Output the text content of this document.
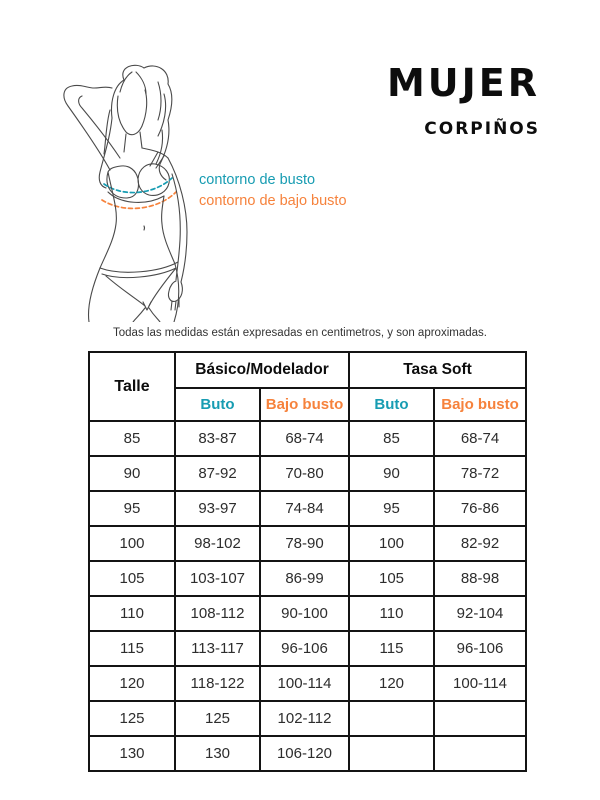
MUJER
CORPIÑOS
contorno de busto
contorno de bajo busto
Todas las medidas están expresadas en centimetros, y son aproximadas.
Talle	Básico/Modelador		Tasa Soft	
	Buto	Bajo busto	Buto	Bajo busto
85	83-87	68-74	85	68-74
90	87-92	70-80	90	78-72
95	93-97	74-84	95	76-86
100	98-102	78-90	100	82-92
105	103-107	86-99	105	88-98
110	108-112	90-100	110	92-104
115	113-117	96-106	115	96-106
120	118-122	100-114	120	100-114
125	125	102-112		
130	130	106-120		
